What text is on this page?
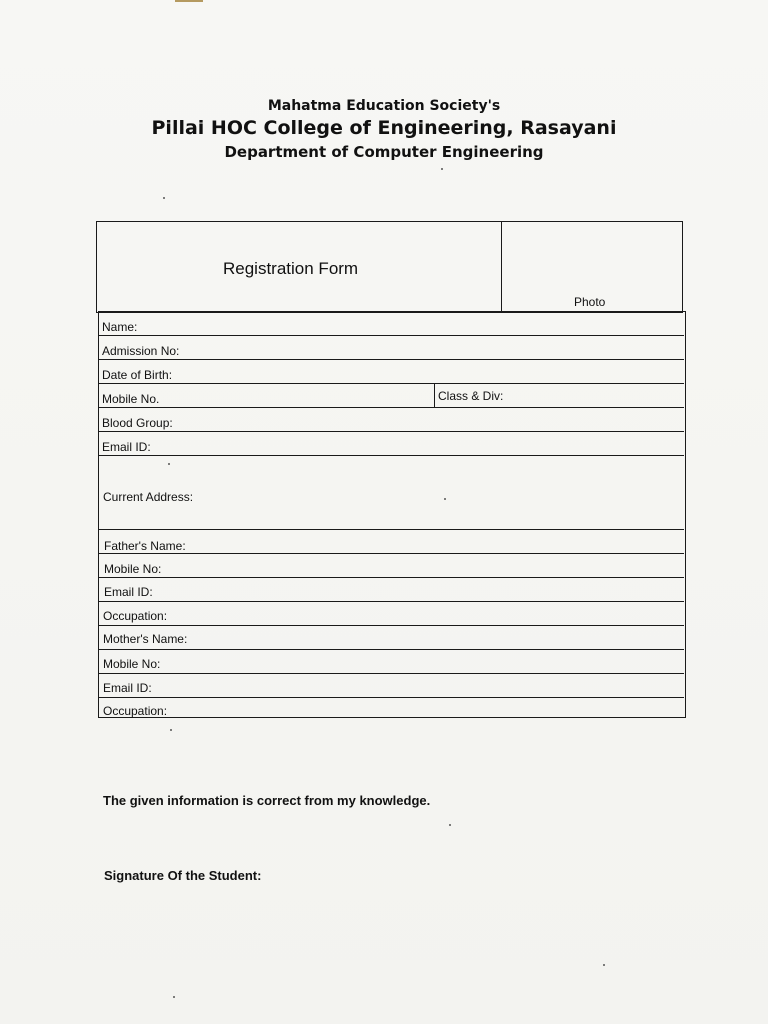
Mahatma Education Society's
Pillai HOC College of Engineering, Rasayani
Department of Computer Engineering
Registration Form
Photo
Name:
Admission No:
Date of Birth:
Mobile No.	Class & Div:
Blood Group:
Email ID:
Current Address:
Father's Name:
Mobile No:
Email ID:
Occupation:
Mother's Name:
Mobile No:
Email ID:
Occupation:
The given information is correct from my knowledge.
Signature Of the Student:
